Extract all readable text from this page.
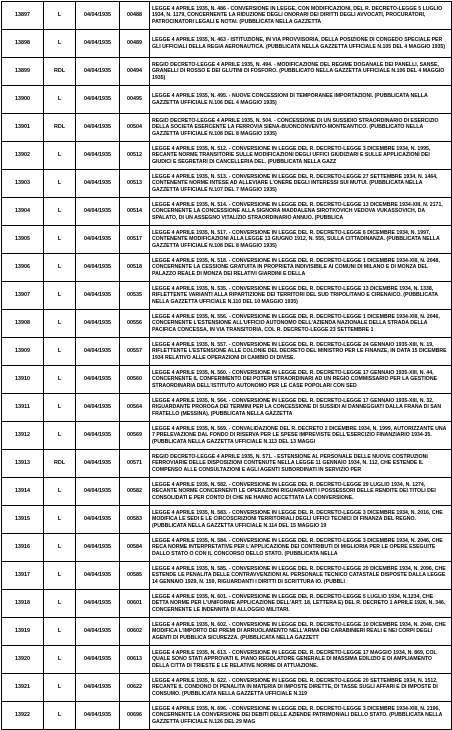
13897	L	04/04/1935	00488	LEGGE 4 APRILE 1935, N. 486 - CONVERSIONE IN LEGGE, CON MODIFICAZIONI, DEL R. DECRETO-LEGGE 5 LUGLIO 1934, N. 1179, CONCERNENTE LA RIDUZIONE DEGLI ONORARI DEI DIRITTI DEGLI AVVOCATI, PROCURATORI, PATROCINATORI LEGALI E NOTAI. (PUBBLICATA NELLA GAZZETTA

13898	L	04/04/1935	00489	LEGGE 4 APRILE 1935, N. 463 - ISTITUZIONE, IN VIA PROVVISORIA, DELLA POSIZIONE DI CONGEDO SPECIALE PER GLI UFFICIALI DELLA REGIA AERONAUTICA. (PUBBLICATA NELLA GAZZETTA UFFICIALE N.105 DEL 4 MAGGIO 1935)

13899	RDL	04/04/1935	00494	REGIO DECRETO-LEGGE 4 APRILE 1935, N. 494. - MODIFICAZIONE DEL REGIME DOGANALE DEI PANELLI, SANSE, GRANELLI DI ROSSO E DEI GLUTINI DI FOSFORO. (PUBBLICATO NELLA GAZZETTA UFFICIALE N.106 DEL 4 MAGGIO 1935)

13900	L	04/04/1935	00495	LEGGE 4 APRILE 1935, N. 495. - NUOVE CONCESSIONI DI TEMPORANEE IMPORTAZIONI. (PUBBLICATA NELLA GAZZETTA UFFICIALE N.106 DEL 4 MAGGIO 1935)

13901	RDL	04/04/1935	00504	REGIO DECRETO-LEGGE 4 APRILE 1935, N. 504. - CONCESSIONE DI UN SUSSIDIO STRAORDINARIO DI ESERCIZIO DELLA SOCIETA ESERCENTE LA FERROVIA SIENA-BUONCONVENTO-MONTEANTICO. (PUBBLICATO NELLA GAZZETTA UFFICIALE N.108 DEL 8 MAGGIO 1935)

13902	L	04/04/1935	00512	LEGGE 4 APRILE 1935, N. 512. - CONVERSIONE IN LEGGE DEL R. DECRETO-LEGGE 3 DICEMBRE 1934, N. 1995, RECANTE NORME TRANSITORIE SULLE MODIFICAZIONI DEGLI UFFICI GIUDIZIARI E SULLE APPLICAZIONI DEI GIUDICI E SEGRETARI DI CANCELLERIA DEL. (PUBBLICATA NELLA GAZZ

13903	L	04/04/1935	00513	LEGGE 4 APRILE 1935, N. 513. - CONVERSIONE IN LEGGE DEL R. DECRETO-LEGGE 27 SETTEMBRE 1934, N. 1464, CONTENENTE NORME INTESE AD ALLEVIARE L'ONERE DEGLI INTERESSI SUI MUTUI. (PUBBLICATA NELLA GAZZETTA UFFICIALE N.107 DEL 7 MAGGIO 1935)

13904	L	04/04/1935	00514	LEGGE 4 APRILE 1935, N. 514. - CONVERSIONE IN LEGGE DEL R. DECRETO-LEGGE 13 DICEMBRE 1934-XIII, N. 2171, CONCERNENTE LA CONCESSIONE ALLA SIGNORA MADDALENA SIROTKOVICH VEDOVA VUKASSOVICH, DA SPALATO, DI UN ASSEGNO VITALIZIO STRAORDINARIO ANNUO. (PUBBLICA

13905	L	04/04/1935	00517	LEGGE 4 APRILE 1935, N. 517. - CONVERSIONE IN LEGGE DEL R. DECRETO-LEGGE 6 DICEMBRE 1934, N. 1997, CONTENENTE MODIFICAZIONI ALLA LEGGE 13 GIUGNO 1912, N. 555, SULLA CITTADINANZA. (PUBBLICATA NELLA GAZZETTA UFFICIALE N.108 DEL 8 MAGGIO 1935)

13906	L	04/04/1935	00518	LEGGE 4 APRILE 1935, N. 518. - CONVERSIONE IN LEGGE DEL R. DECRETO-LEGGE 1 DICEMBRE 1934-XIII, N. 2048, CONCERNENTE LA CESSIONE GRATUITA IN PROPRIETA INDIVISIBILE AI COMUNI DI MILANO E DI MONZA DEL PALAZZO REALE DI MONZA DEI RELATIVI GIARDINI E DELLA

13907	L	04/04/1935	00535	LEGGE 4 APRILE 1935, N. 535. - CONVERSIONE IN LEGGE DEL R. DECRETO-LEGGE 13 DICEMBRE 1934, N. 1338, RIFLETTENTE VARIANTI ALLA RIPARTIZIONE DEI TERRITORI DEL SUD TRIPOLITANO E CIRENAICO. (PUBBLICATA NELLA GAZZETTA UFFICIALE N.110 DEL 10 MAGGIO 1935)

13908	L	04/04/1935	00556	LEGGE 4 APRILE 1935, N. 556. - CONVERSIONE IN LEGGE DEL R. DECRETO-LEGGE 1 DICEMBRE 1934-XIII, N. 2046, CONCERNENTE L'ESTENSIONE ALL'UFFICIO AUTONOMO DELL'AZIENDA NAZIONALE DELLA STRADA DELLA PACIFICA CONCESSA, IN VIA TRANSITORIA, COL R. DECRETO-LEGGE 23 SETTEMBRE 1

13909	L	04/04/1935	00557	LEGGE 4 APRILE 1935, N. 557. - CONVERSIONE IN LEGGE DEL R. DECRETO-LEGGE 24 GENNAIO 1935-XIII, N. 19, RIFLETTENTE L'ESTENSIONE ALLE COLONIE DEL DECRETO DEL MINISTRO PER LE FINANZE, IN DATA 15 DICEMBRE 1934 RELATIVO ALLE OPERAZIONI DI CAMBIO DI DIVISE.

13910	L	04/04/1935	00560	LEGGE 4 APRILE 1935, N. 560. - CONVERSIONE IN LEGGE DEL R. DECRETO-LEGGE 17 GENNAIO 1935-XIII, N. 44, CONCERNENTE IL CONFERIMENTO DEI POTERI STRAORDINARI AD UN REGIO COMMISSARIO PER LA GESTIONE STRAORDINARIA DELL'ISTITUTO AUTONOMO PER LE CASE POPOLARI CON SED

13911	L	04/04/1935	00564	LEGGE 4 APRILE 1935, N. 564. - CONVERSIONE IN LEGGE DEL R. DECRETO-LEGGE 17 GENNAIO 1935-XIII, N. 32, RIGUARDANTE PROROGA DEI TERMINI PER LA CONCESSIONE DI SUSSIDI AI DANNEGGIATI DALLA FRANA DI SAN FRATELLO (MESSINA). (PUBBLICATA NELLA GAZZETTA

13912	L	04/04/1935	00569	LEGGE 4 APRILE 1935, N. 569. - CONVALIDAZIONE DEL R. DECRETO 2 DICEMBRE 1934, N. 1999, AUTORIZZANTE UNA 7 PRELEVAZIONE DAL FONDO DI RISERVA PER LE SPESE IMPREVISTE DELL'ESERCIZIO FINANZIARIO 1934-35. (PUBBLICATA NELLA GAZZETTA UFFICIALE N.113 DEL 13 MAGGI

13913	RDL	04/04/1935	00571	REGIO DECRETO-LEGGE 4 APRILE 1935, N. 571. - ESTENSIONE AL PERSONALE DELLE NUOVE COSTRUZIONI FERROVIARIE DELLE DISPOSIZIONI CONTENUTE NELLA LEGGE 11 GENNAIO 1934, N. 112, CHE ESTENDE IL COMPENSO ALLE CONSULTAZIONI E AGLI AGENTI SUBORDINATI IN SERVIZIO PER

13914	L	04/04/1935	00582	LEGGE 4 APRILE 1935, N. 582. - CONVERSIONE IN LEGGE DEL R. DECRETO-LEGGE 29 LUGLIO 1934, N. 1274, RECANTE NORME CONCERNENTI LE OPERAZIONI RIGUARDANTI I POSSESSORI DELLE RENDITE DEI TITOLI DEI CONSOLIDATI E PER CONTO DI CHE NE HANNO ACCETTATA LA CONVERSIONE.

13915	L	04/04/1935	00583	LEGGE 4 APRILE 1935, N. 583. - CONVERSIONE IN LEGGE DEL R. DECRETO-LEGGE 3 DICEMBRE 1934, N. 2016, CHE MODIFICA LE SEDI E LE CIRCOSCRIZIONI TERRITORIALI DEGLI UFFICI TECNICI DI FINANZA DEL REGNO. (PUBBLICATA NELLA GAZZETTA UFFICIALE N.114 DEL 15 MAGGIO 19

13916	L	04/04/1935	00584	LEGGE 4 APRILE 1935, N. 584. - CONVERSIONE IN LEGGE DEL R. DECRETO-LEGGE 3 DICEMBRE 1934, N. 2046, CHE RECA NORME INTERPRETATIVE PER L'APPLICAZIONE DEI CONTRIBUTI DI MIGLIORIA PER LE OPERE ESEGUITE DALLO STATO O CON IL CONCORSO DELLO STATO. (PUBBLICATA NELLA

13917	L	04/04/1935	00585	LEGGE 4 APRILE 1935, N. 585. - CONVERSIONE IN LEGGE DEL R. DECRETO-LEGGE 20 DICEMBRE 1934, N. 2096, CHE ESTENDE LE PENALITA DELLE CONTRAVVENZIONI AL PERSONALE TECNICO CATASTALE DISPOSTE DALLA LEGGE 14 GENNAIO 1929, N. 159, RIGUARDANTI I DIRITTI DI SCRITTURA IO. (PUBBLI

13918	L	04/04/1935	00601	LEGGE 4 APRILE 1935, N. 601. - CONVERSIONE IN LEGGE DEL R. DECRETO-LEGGE 5 LUGLIO 1934, N.1234, CHE DETTA NORME PER L'UNIFORME APPLICAZIONE DELL'ART. 18, LETTERA E) DEL R. DECRETO 1 APRILE 1926, N. 346, CONCERNENTE LE INDENNITA DI ALLOGGIO MILITARI.

13919	L	04/04/1935	00602	LEGGE 4 APRILE 1935, N. 602. - CONVERSIONE IN LEGGE DEL R. DECRETO-LEGGE 10 DICEMBRE 1934, N. 2046, CHE MODIFICA L'IMPORTO DEI PREMI DI ARRUOLAMENTO NELL'ARMA DEI CARABINIERI REALI E NEI CORPI DEGLI AGENTI DI PUBBLICA SICUREZZA. (PUBBLICATA NELLA GAZZETT

13920	L	04/04/1935	00613	LEGGE 4 APRILE 1935, N. 613. - CONVERSIONE IN LEGGE DEL R. DECRETO-LEGGE 17 MAGGIO 1934, N. 869, COL QUALE SONO STATI APPROVATI IL PIANO REGOLATORE GENERALE DI MASSIMA EDILIZIO E DI AMPLIAMENTO DELLA CITTA DI TRIESTE E LE RELATIVE NORME DI ATTUAZIONE.

13921	L	04/04/1935	00622	LEGGE 4 APRILE 1935, N. 622. - CONVERSIONE IN LEGGE DEL R. DECRETO-LEGGE 20 SETTEMBRE 1934, N. 1512, RECANTE IL CONDONO DI PENALITA IN MATERIA DI IMPOSTE DIRETTE, DI TASSE SUGLI AFFARI E DI IMPOSTE DI CONSUMO. (PUBBLICATA NELLA GAZZETTA UFFICIALE N.119

13922	L	04/04/1935	00696	LEGGE 4 APRILE 1935, N. 696. - CONVERSIONE IN LEGGE DEL R. DECRETO-LEGGE 3 DICEMBRE 1934-XIII, N. 2196, CONCERNENTE LA CONVERSIONE DEI DEBITI DELLE AZIENDE PATRIMONIALI DELLO STATO. (PUBBLICATA NELLA GAZZETTA UFFICIALE N.126 DEL 29 MAG
